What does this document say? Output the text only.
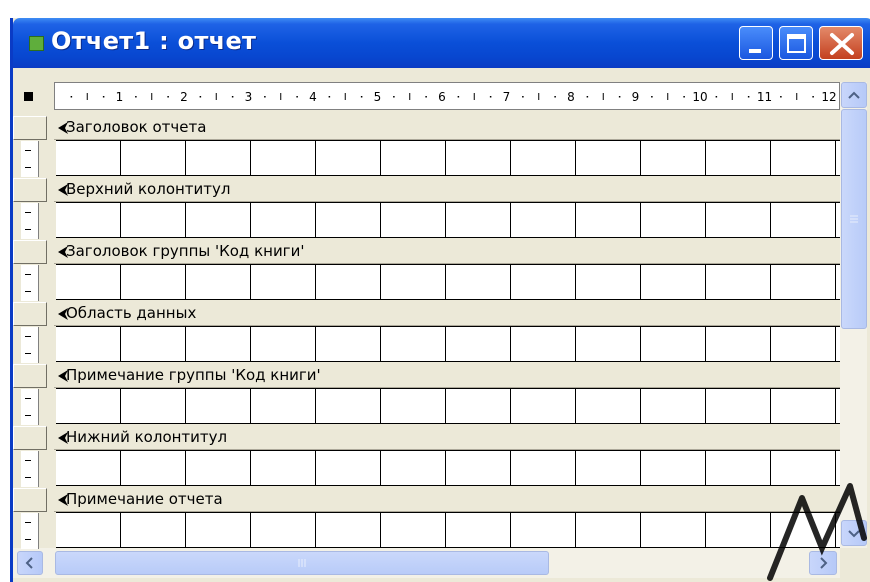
Отчет1 : отчет
1	2	3	4	5	6	7	8	9	10	11	12
Заголовок отчета
Верхний колонтитул
Заголовок группы 'Код книги'
Область данных
Примечание группы 'Код книги'
Нижний колонтитул
Примечание отчета
